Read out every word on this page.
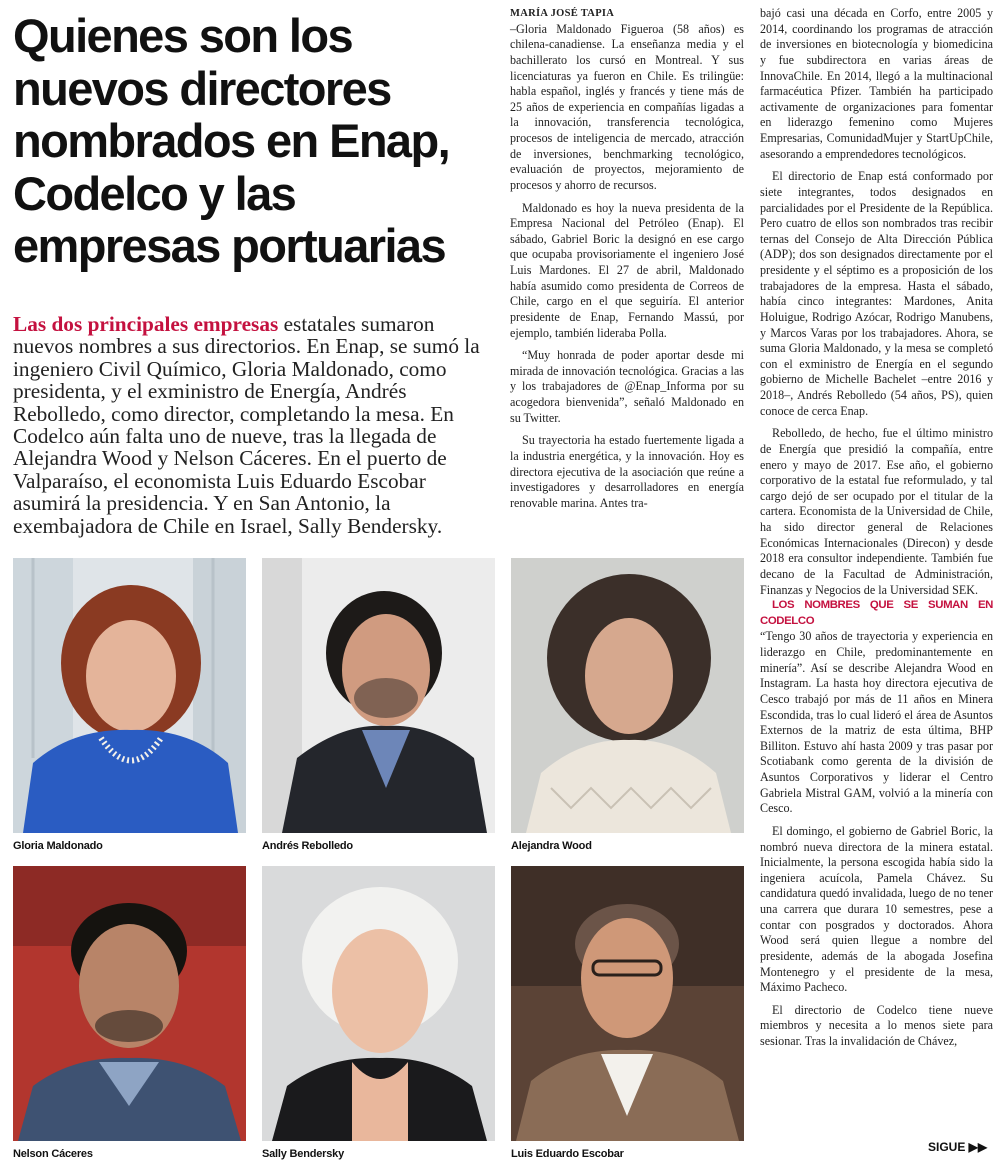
Quienes son los nuevos directores nombrados en Enap, Codelco y las empresas portuarias

Las dos principales empresas estatales sumaron nuevos nombres a sus directorios. En Enap, se sumó la ingeniero Civil Químico, Gloria Maldonado, como presidenta, y el exministro de Energía, Andrés Rebolledo, como director, completando la mesa. En Codelco aún falta uno de nueve, tras la llegada de Alejandra Wood y Nelson Cáceres. En el puerto de Valparaíso, el economista Luis Eduardo Escobar asumirá la presidencia. Y en San Antonio, la exembajadora de Chile en Israel, Sally Bendersky.

Gloria Maldonado	Andrés Rebolledo	Alejandra Wood
Nelson Cáceres	Sally Bendersky	Luis Eduardo Escobar

MARÍA JOSÉ TAPIA

–Gloria Maldonado Figueroa (58 años) es chilena-canadiense. La enseñanza media y el bachillerato los cursó en Montreal. Y sus licenciaturas ya fueron en Chile. Es trilingüe: habla español, inglés y francés y tiene más de 25 años de experiencia en compañías ligadas a la innovación, transferencia tecnológica, procesos de inteligencia de mercado, atracción de inversiones, benchmarking tecnológico, evaluación de proyectos, mejoramiento de procesos y ahorro de recursos.

Maldonado es hoy la nueva presidenta de la Empresa Nacional del Petróleo (Enap). El sábado, Gabriel Boric la designó en ese cargo que ocupaba provisoriamente el ingeniero José Luis Mardones. El 27 de abril, Maldonado había asumido como presidenta de Correos de Chile, cargo en el que seguiría. El anterior presidente de Enap, Fernando Massú, por ejemplo, también lideraba Polla.

“Muy honrada de poder aportar desde mi mirada de innovación tecnológica. Gracias a las y los trabajadores de @Enap_Informa por su acogedora bienvenida”, señaló Maldonado en su Twitter.

Su trayectoria ha estado fuertemente ligada a la industria energética, y la innovación. Hoy es directora ejecutiva de la asociación que reúne a investigadores y desarrolladores en energía renovable marina. Antes tra-

bajó casi una década en Corfo, entre 2005 y 2014, coordinando los programas de atracción de inversiones en biotecnología y biomedicina y fue subdirectora en varias áreas de InnovaChile. En 2014, llegó a la multinacional farmacéutica Pfizer. También ha participado activamente de organizaciones para fomentar en liderazgo femenino como Mujeres Empresarias, ComunidadMujer y StartUpChile, asesorando a emprendedores tecnológicos.

El directorio de Enap está conformado por siete integrantes, todos designados en parcialidades por el Presidente de la República. Pero cuatro de ellos son nombrados tras recibir ternas del Consejo de Alta Dirección Pública (ADP); dos son designados directamente por el presidente y el séptimo es a proposición de los trabajadores de la empresa. Hasta el sábado, había cinco integrantes: Mardones, Anita Holuigue, Rodrigo Azócar, Rodrigo Manubens, y Marcos Varas por los trabajadores. Ahora, se suma Gloria Maldonado, y la mesa se completó con el exministro de Energía en el segundo gobierno de Michelle Bachelet –entre 2016 y 2018–, Andrés Rebolledo (54 años, PS), quien conoce de cerca Enap.

Rebolledo, de hecho, fue el último ministro de Energía que presidió la compañía, entre enero y mayo de 2017. Ese año, el gobierno corporativo de la estatal fue reformulado, y tal cargo dejó de ser ocupado por el titular de la cartera. Economista de la Universidad de Chile, ha sido director general de Relaciones Económicas Internacionales (Direcon) y desde 2018 era consultor independiente. También fue decano de la Facultad de Administración, Finanzas y Negocios de la Universidad SEK.

LOS NOMBRES QUE SE SUMAN EN CODELCO

“Tengo 30 años de trayectoria y experiencia en liderazgo en Chile, predominantemente en minería”. Así se describe Alejandra Wood en Instagram. La hasta hoy directora ejecutiva de Cesco trabajó por más de 11 años en Minera Escondida, tras lo cual lideró el área de Asuntos Externos de la matriz de esta última, BHP Billiton. Estuvo ahí hasta 2009 y tras pasar por Scotiabank como gerenta de la división de Asuntos Corporativos y liderar el Centro Gabriela Mistral GAM, volvió a la minería con Cesco.

El domingo, el gobierno de Gabriel Boric, la nombró nueva directora de la minera estatal. Inicialmente, la persona escogida había sido la ingeniera acuícola, Pamela Chávez. Su candidatura quedó invalidada, luego de no tener una carrera que durara 10 semestres, pese a contar con posgrados y doctorados. Ahora Wood será quien llegue a nombre del presidente, además de la abogada Josefina Montenegro y el presidente de la mesa, Máximo Pacheco.

El directorio de Codelco tiene nueve miembros y necesita a lo menos siete para sesionar. Tras la invalidación de Chávez,

SIGUE ▶▶
